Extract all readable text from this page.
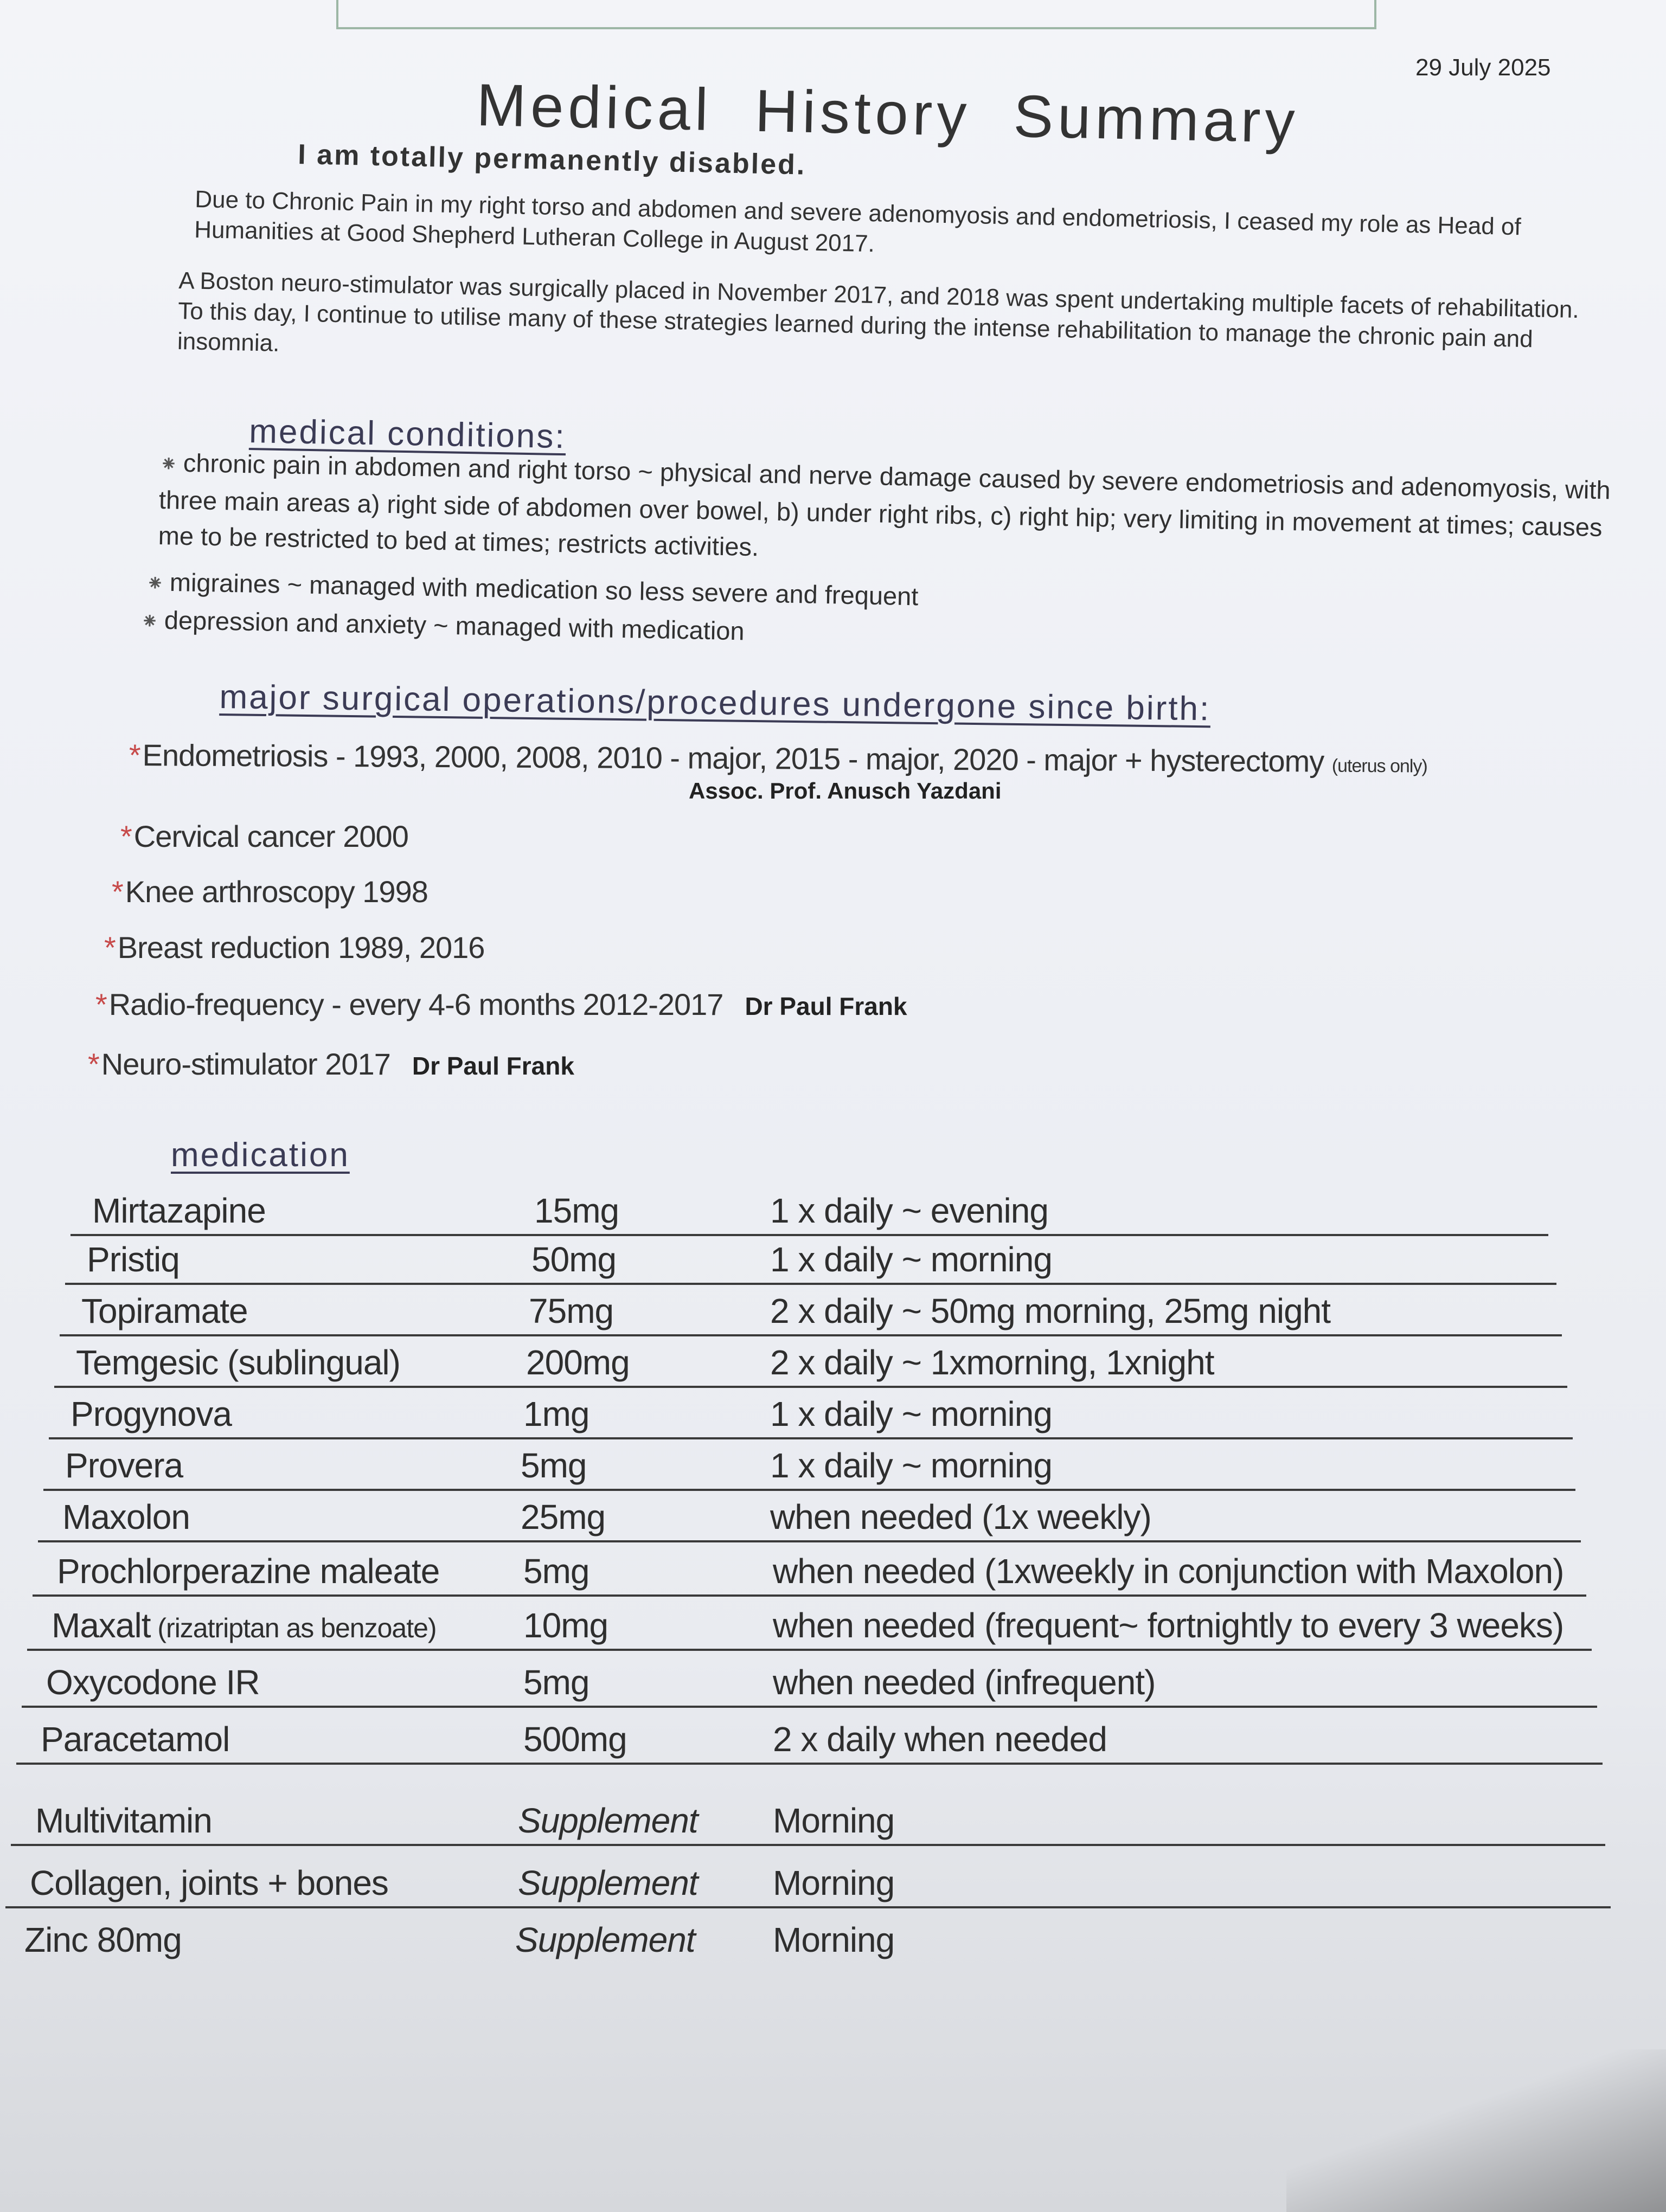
29 July 2025
Medical History Summary
I am totally permanently disabled.
Due to Chronic Pain in my right torso and abdomen and severe adenomyosis and endometriosis, I ceased my role as Head of Humanities at Good Shepherd Lutheran College in August 2017.
A Boston neuro-stimulator was surgically placed in November 2017, and 2018 was spent undertaking multiple facets of rehabilitation. To this day, I continue to utilise many of these strategies learned during the intense rehabilitation to manage the chronic pain and insomnia.
medical conditions:
⁕ chronic pain in abdomen and right torso ~ physical and nerve damage caused by severe endometriosis and adenomyosis, with three main areas a) right side of abdomen over bowel, b) under right ribs, c) right hip; very limiting in movement at times; causes me to be restricted to bed at times; restricts activities.
⁕ migraines ~ managed with medication so less severe and frequent
⁕ depression and anxiety ~ managed with medication
major surgical operations/procedures undergone since birth:
*Endometriosis - 1993, 2000, 2008, 2010 - major, 2015 - major, 2020 - major + hysterectomy (uterus only)
Assoc. Prof. Anusch Yazdani
*Cervical cancer 2000
*Knee arthroscopy 1998
*Breast reduction 1989, 2016
*Radio-frequency - every 4-6 months 2012-2017 Dr Paul Frank
*Neuro-stimulator 2017 Dr Paul Frank
medication
Mirtazapine	15mg	1 x daily ~ evening
Pristiq	50mg	1 x daily ~ morning
Topiramate	75mg	2 x daily ~ 50mg morning, 25mg night
Temgesic (sublingual)	200mg	2 x daily ~ 1xmorning, 1xnight
Progynova	1mg	1 x daily ~ morning
Provera	5mg	1 x daily ~ morning
Maxolon	25mg	when needed (1x weekly)
Prochlorperazine maleate 5mg	when needed (1xweekly in conjunction with Maxolon)
Maxalt (rizatriptan as benzoate)	10mg	when needed (frequent~ fortnightly to every 3 weeks)
Oxycodone IR	5mg	when needed (infrequent)
Paracetamol	500mg	2 x daily when needed
Multivitamin	Supplement Morning
Collagen, joints + bones	Supplement Morning
Zinc 80mg	Supplement Morning
